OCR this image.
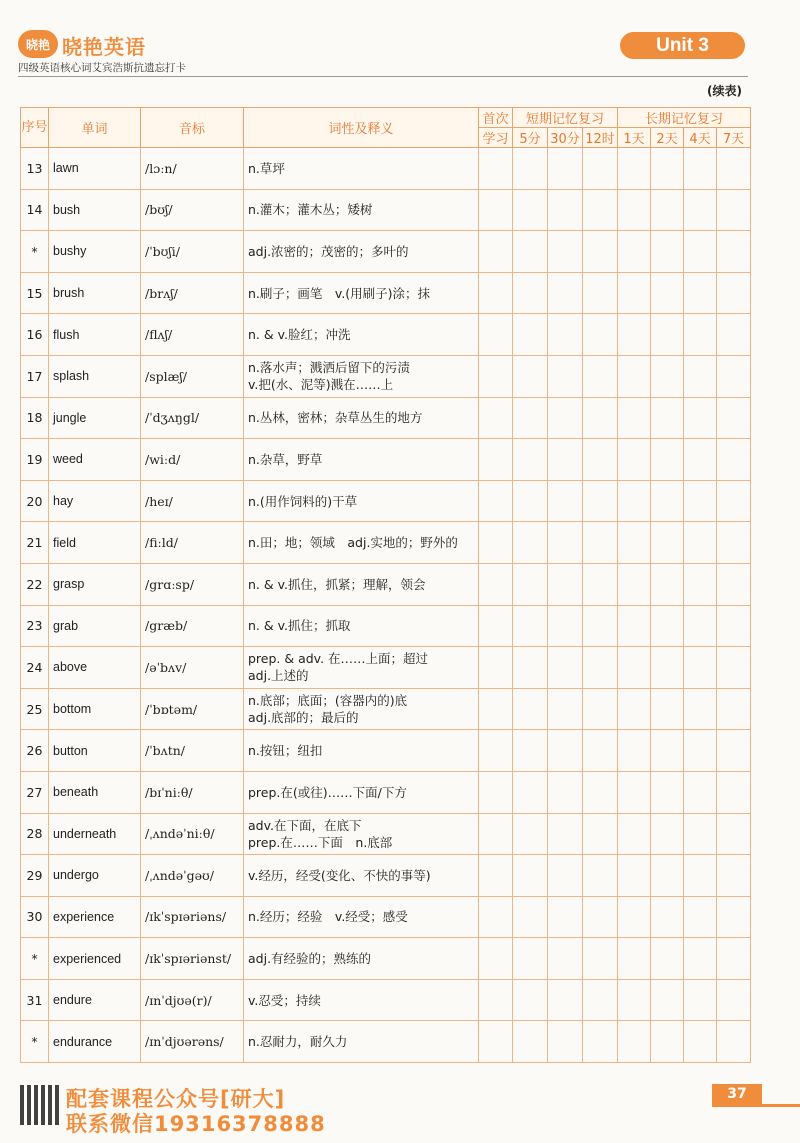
晓艳 晓艳英语
四级英语核心词艾宾浩斯抗遗忘打卡
Unit 3
(续表)
序号	单词	音标	词性及释义	首次	短期记忆复习			长期记忆复习			
				学习	5分	30分	12时	1天	2天	4天	7天
13	lawn	/lɔːn/	n.草坪								

14	bush	/bʊʃ/	n.灌木；灌木丛；矮树								

*	bushy	/ˈbʊʃi/	adj.浓密的；茂密的；多叶的								

15	brush	/brʌʃ/	n.刷子；画笔　v.(用刷子)涂；抹								

16	flush	/flʌʃ/	n. & v.脸红；冲洗								

17	splash	/splæʃ/	n.落水声；溅洒后留下的污渍
v.把(水、泥等)溅在……上								

18	jungle	/ˈdʒʌŋgl/	n.丛林，密林；杂草丛生的地方								

19	weed	/wiːd/	n.杂草，野草								

20	hay	/heɪ/	n.(用作饲料的)干草								

21	field	/fiːld/	n.田；地；领域　adj.实地的；野外的								

22	grasp	/grɑːsp/	n. & v.抓住，抓紧；理解，领会								

23	grab	/græb/	n. & v.抓住；抓取								

24	above	/əˈbʌv/	prep. & adv. 在……上面；超过
adj.上述的								

25	bottom	/ˈbɒtəm/	n.底部；底面；(容器内的)底
adj.底部的；最后的								

26	button	/ˈbʌtn/	n.按钮；纽扣								

27	beneath	/bɪˈniːθ/	prep.在(或往)……下面/下方								

28	underneath	/ˌʌndəˈniːθ/	adv.在下面，在底下
prep.在……下面　n.底部								

29	undergo	/ˌʌndəˈgəʊ/	v.经历，经受(变化、不快的事等)								

30	experience	/ɪkˈspɪəriəns/	n.经历；经验　v.经受；感受								

*	experienced	/ɪkˈspɪəriənst/	adj.有经验的；熟练的								

31	endure	/ɪnˈdjʊə(r)/	v.忍受；持续								

*	endurance	/ɪnˈdjʊərəns/	n.忍耐力，耐久力								

配套课程公众号[研大]
联系微信19316378888
37
